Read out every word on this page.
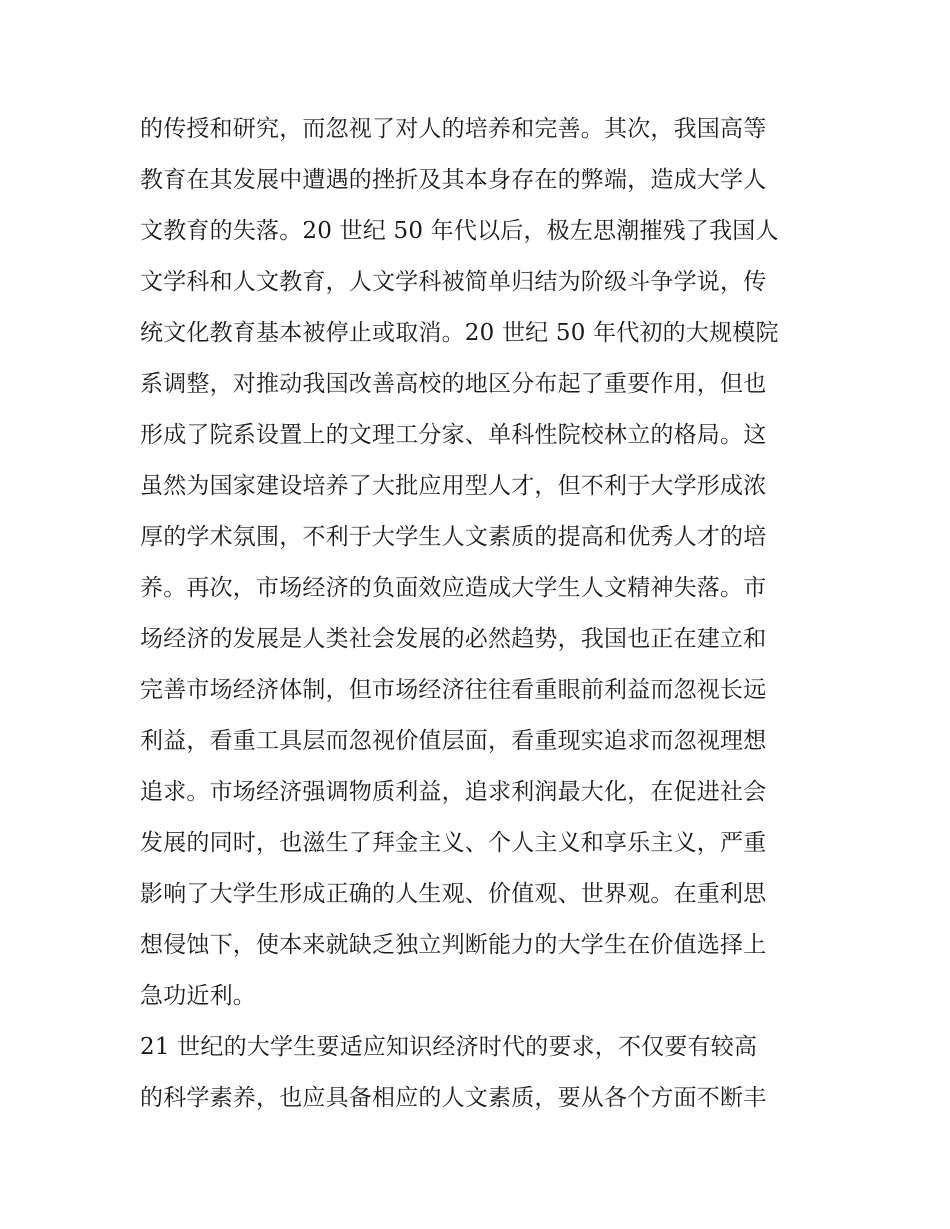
的传授和研究，而忽视了对人的培养和完善。其次，我国高等
教育在其发展中遭遇的挫折及其本身存在的弊端，造成大学人
文教育的失落。20 世纪 50 年代以后，极左思潮摧残了我国人
文学科和人文教育，人文学科被简单归结为阶级斗争学说，传
统文化教育基本被停止或取消。20 世纪 50 年代初的大规模院
系调整，对推动我国改善高校的地区分布起了重要作用，但也
形成了院系设置上的文理工分家、单科性院校林立的格局。这
虽然为国家建设培养了大批应用型人才，但不利于大学形成浓
厚的学术氛围，不利于大学生人文素质的提高和优秀人才的培
养。再次，市场经济的负面效应造成大学生人文精神失落。市
场经济的发展是人类社会发展的必然趋势，我国也正在建立和
完善市场经济体制，但市场经济往往看重眼前利益而忽视长远
利益，看重工具层而忽视价值层面，看重现实追求而忽视理想
追求。市场经济强调物质利益，追求利润最大化，在促进社会
发展的同时，也滋生了拜金主义、个人主义和享乐主义，严重
影响了大学生形成正确的人生观、价值观、世界观。在重利思
想侵蚀下，使本来就缺乏独立判断能力的大学生在价值选择上
急功近利。
21 世纪的大学生要适应知识经济时代的要求，不仅要有较高
的科学素养，也应具备相应的人文素质，要从各个方面不断丰
